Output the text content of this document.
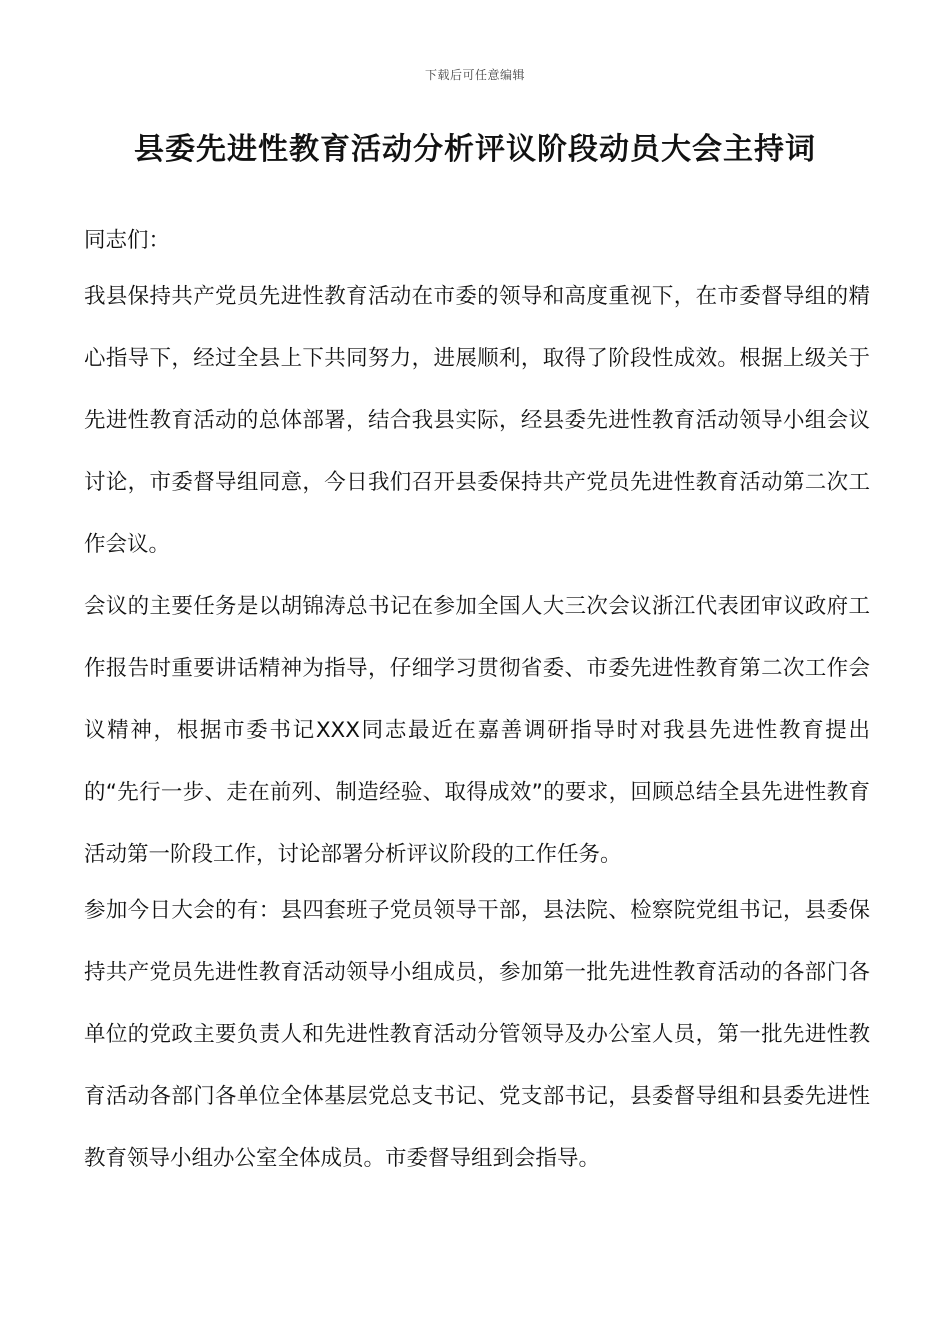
下载后可任意编辑
县委先进性教育活动分析评议阶段动员大会主持词
同志们：

我县保持共产党员先进性教育活动在市委的领导和高度重视下，在市委督导组的精心指导下，经过全县上下共同努力，进展顺利，取得了阶段性成效。根据上级关于先进性教育活动的总体部署，结合我县实际，经县委先进性教育活动领导小组会议讨论，市委督导组同意，今日我们召开县委保持共产党员先进性教育活动第二次工作会议。

会议的主要任务是以胡锦涛总书记在参加全国人大三次会议浙江代表团审议政府工作报告时重要讲话精神为指导，仔细学习贯彻省委、市委先进性教育第二次工作会议精神，根据市委书记XXX同志最近在嘉善调研指导时对我县先进性教育提出的“先行一步、走在前列、制造经验、取得成效”的要求，回顾总结全县先进性教育活动第一阶段工作，讨论部署分析评议阶段的工作任务。

参加今日大会的有：县四套班子党员领导干部，县法院、检察院党组书记，县委保持共产党员先进性教育活动领导小组成员，参加第一批先进性教育活动的各部门各单位的党政主要负责人和先进性教育活动分管领导及办公室人员，第一批先进性教育活动各部门各单位全体基层党总支书记、党支部书记，县委督导组和县委先进性教育领导小组办公室全体成员。市委督导组到会指导。
